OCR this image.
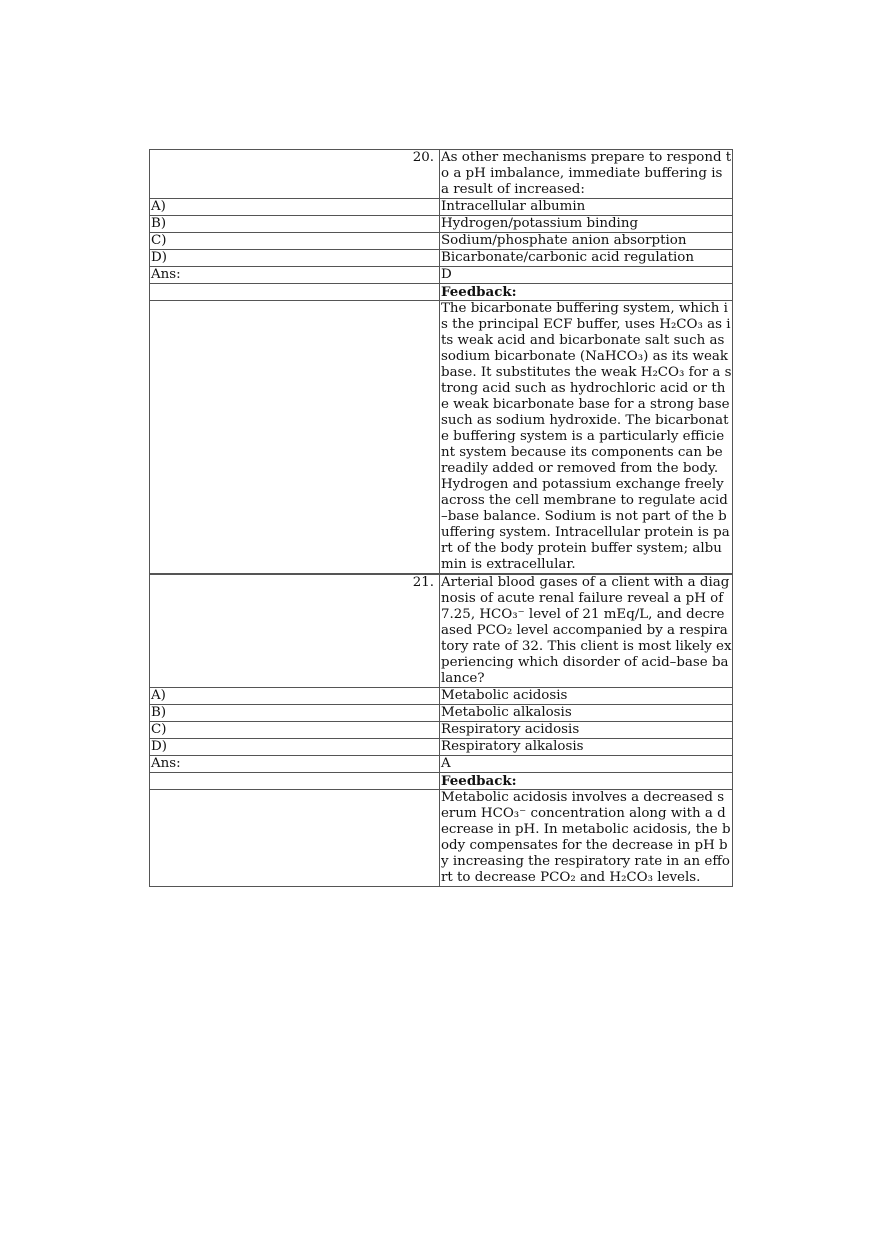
20.	As other mechanisms prepare to respond to a pH imbalance, immediate buffering is a result of increased:
A)	Intracellular albumin
B)	Hydrogen/potassium binding
C)	Sodium/phosphate anion absorption
D)	Bicarbonate/carbonic acid regulation
Ans:	D
	Feedback:
	The bicarbonate buffering system, which is the principal ECF buffer, uses H₂CO₃ as its weak acid and bicarbonate salt such as sodium bicarbonate (NaHCO₃) as its weak base. It substitutes the weak H₂CO₃ for a strong acid such as hydrochloric acid or the weak bicarbonate base for a strong base such as sodium hydroxide. The bicarbonate buffering system is a particularly efficient system because its components can be readily added or removed from the body. Hydrogen and potassium exchange freely across the cell membrane to regulate acid–base balance. Sodium is not part of the buffering system. Intracellular protein is part of the body protein buffer system; albumin is extracellular.
21.	Arterial blood gases of a client with a diagnosis of acute renal failure reveal a pH of 7.25, HCO₃⁻ level of 21 mEq/L, and decreased PCO₂ level accompanied by a respiratory rate of 32. This client is most likely experiencing which disorder of acid–base balance?
A)	Metabolic acidosis
B)	Metabolic alkalosis
C)	Respiratory acidosis
D)	Respiratory alkalosis
Ans:	A
	Feedback:
	Metabolic acidosis involves a decreased serum HCO₃⁻ concentration along with a decrease in pH. In metabolic acidosis, the body compensates for the decrease in pH by increasing the respiratory rate in an effort to decrease PCO₂ and H₂CO₃ levels.
